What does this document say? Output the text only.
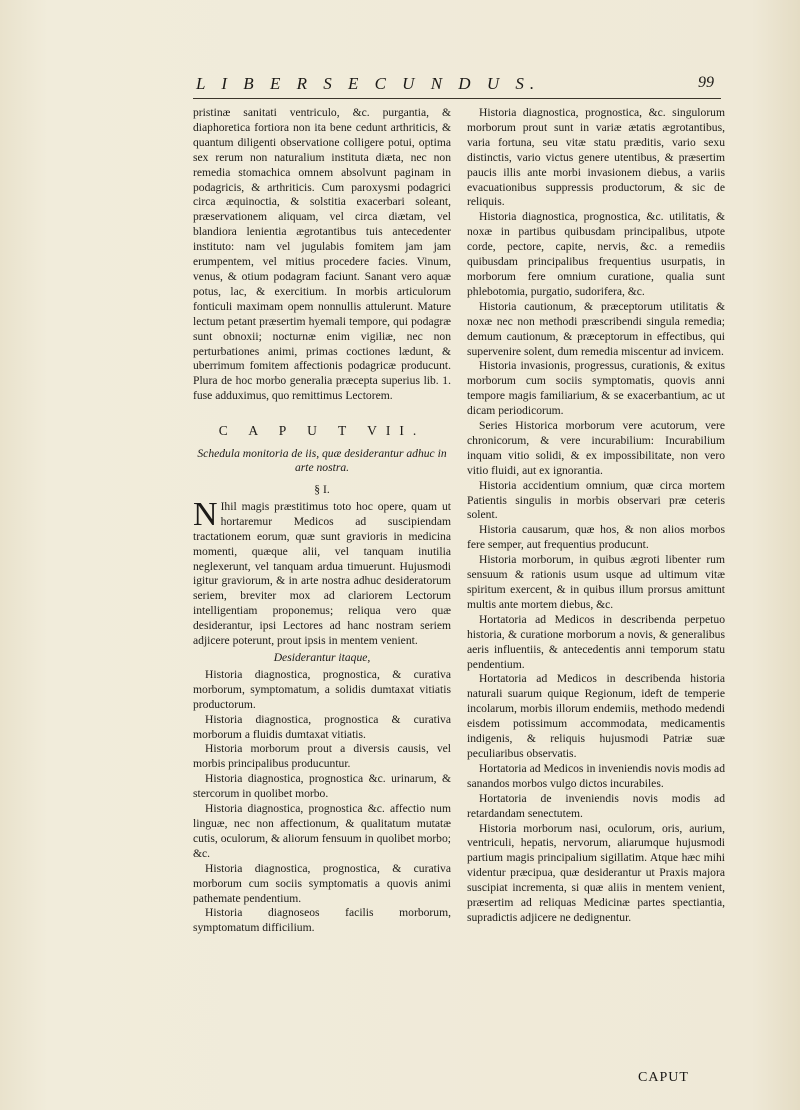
L I B E R S E C U N D U S.	99

pristinæ sanitati ventriculo, &c. purgantia, & diaphoretica fortiora non ita bene cedunt arthriticis, & quantum diligenti observatione colligere potui, optima sex rerum non naturalium instituta diæta, nec non remedia stomachica omnem absolvunt paginam in podagricis, & arthriticis. Cum paroxysmi podagrici circa æquinoctia, & solstitia exacerbari soleant, præservationem aliquam, vel circa diætam, vel blandiora lenientia ægrotantibus tuis antecedenter instituto: nam vel jugulabis fomitem jam jam erumpentem, vel mitius procedere facies. Vinum, venus, & otium podagram faciunt. Sanant vero aquæ potus, lac, & exercitium. In morbis articulorum fonticuli maximam opem nonnullis attulerunt. Mature lectum petant præsertim hyemali tempore, qui podagræ sunt obnoxii; nocturnæ enim vigiliæ, nec non perturbationes animi, primas coctiones lædunt, & uberrimum fomitem affectionis podagricæ producunt. Plura de hoc morbo generalia præcepta superius lib. 1. fuse adduximus, quo remittimus Lectorem.

C A P U T VII.

Schedula monitoria de iis, quæ desiderantur adhuc in arte nostra.

§ I.

N Ihil magis præstitimus toto hoc opere, quam ut hortaremur Medicos ad suscipiendam tractationem eorum, quæ sunt gravioris in medicina momenti, quæque alii, vel tanquam inutilia neglexerunt, vel tanquam ardua timuerunt. Hujusmodi igitur graviorum, & in arte nostra adhuc desideratorum seriem, breviter mox ad clariorem Lectorum intelligentiam proponemus; reliqua vero quæ desiderantur, ipsi Lectores ad hanc nostram seriem adjicere poterunt, prout ipsis in mentem venient.

Desiderantur itaque,

Historia diagnostica, prognostica, & curativa morborum, symptomatum, a solidis dumtaxat vitiatis productorum.

Historia diagnostica, prognostica & curativa morborum a fluidis dumtaxat vitiatis.

Historia morborum prout a diversis causis, vel morbis principalibus producuntur.

Historia diagnostica, prognostica &c. urinarum, & stercorum in quolibet morbo.

Historia diagnostica, prognostica &c. affectio num linguæ, nec non affectionum, & qualitatum mutatæ cutis, oculorum, & aliorum fensuum in quolibet morbo; &c.

Historia diagnostica, prognostica, & curativa morborum cum sociis symptomatis a quovis animi pathemate pendentium.

Historia diagnoseos facilis morborum, symptomatum difficilium.

Historia diagnostica, prognostica, &c. singulorum morborum prout sunt in variæ ætatis ægrotantibus, varia fortuna, seu vitæ statu præditis, vario sexu distinctis, vario victus genere utentibus, & præsertim paucis illis ante morbi invasionem diebus, a variis evacuationibus suppressis productorum, & sic de reliquis.

Historia diagnostica, prognostica, &c. utilitatis, & noxæ in partibus quibusdam principalibus, utpote corde, pectore, capite, nervis, &c. a remediis quibusdam principalibus frequentius usurpatis, in morborum fere omnium curatione, qualia sunt phlebotomia, purgatio, sudorifera, &c.

Historia cautionum, & præceptorum utilitatis & noxæ nec non methodi præscribendi singula remedia; demum cautionum, & præceptorum in effectibus, qui supervenire solent, dum remedia miscentur ad invicem.

Historia invasionis, progressus, curationis, & exitus morborum cum sociis symptomatis, quovis anni tempore magis familiarium, & se exacerbantium, ac ut dicam periodicorum.

Series Historica morborum vere acutorum, vere chronicorum, & vere incurabilium: Incurabilium inquam vitio solidi, & ex impossibilitate, non vero vitio fluidi, aut ex ignorantia.

Historia accidentium omnium, quæ circa mortem Patientis singulis in morbis observari præ ceteris solent.

Historia causarum, quæ hos, & non alios morbos fere semper, aut frequentius producunt.

Historia morborum, in quibus ægroti libenter rum sensuum & rationis usum usque ad ultimum vitæ spiritum exercent, & in quibus illum prorsus amittunt multis ante mortem diebus, &c.

Hortatoria ad Medicos in describenda perpetuo historia, & curatione morborum a novis, & generalibus aeris influentiis, & antecedentis anni temporum statu pendentium.

Hortatoria ad Medicos in describenda historia naturali suarum quique Regionum, ideft de temperie incolarum, morbis illorum endemiis, methodo medendi eisdem potissimum accommodata, medicamentis indigenis, & reliquis hujusmodi Patriæ suæ peculiaribus observatis.

Hortatoria ad Medicos in inveniendis novis modis ad sanandos morbos vulgo dictos incurabiles.

Hortatoria de inveniendis novis modis ad retardandam senectutem.

Historia morborum nasi, oculorum, oris, aurium, ventriculi, hepatis, nervorum, aliarumque hujusmodi partium magis principalium sigillatim. Atque hæc mihi videntur præcipua, quæ desiderantur ut Praxis majora suscipiat incrementa, si quæ aliis in mentem venient, præsertim ad reliquas Medicinæ partes spectiantia, supradictis adjicere ne dedignentur.

CAPUT
